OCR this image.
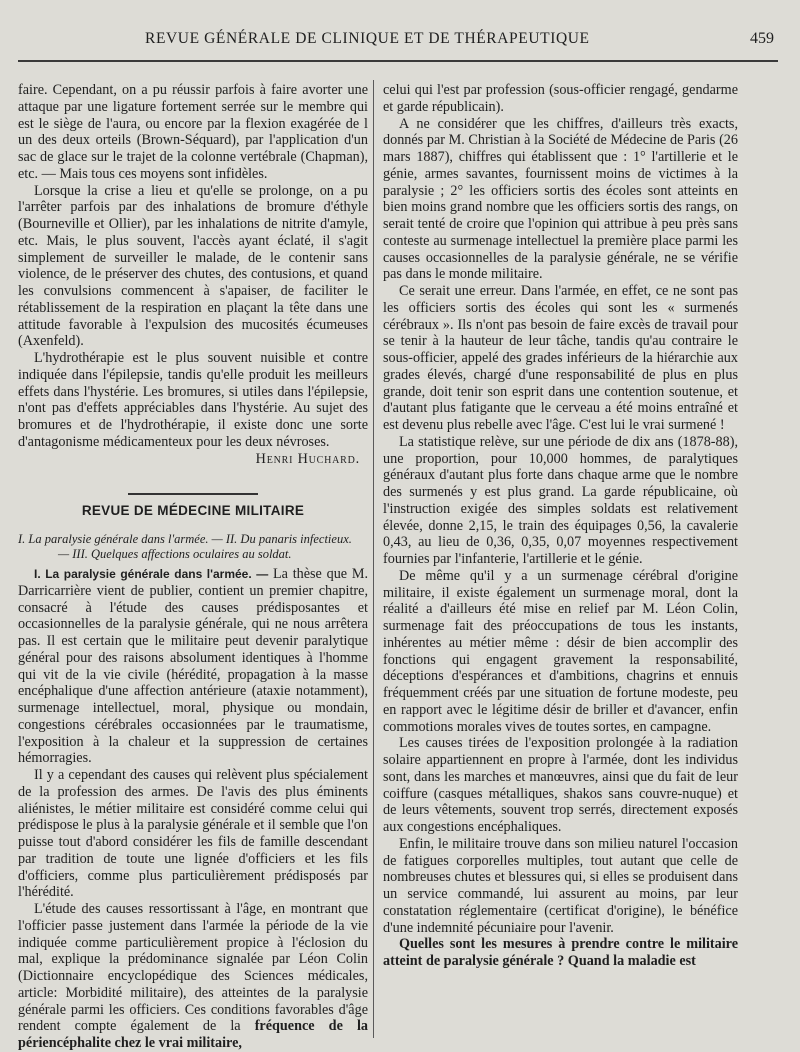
REVUE GÉNÉRALE DE CLINIQUE ET DE THÉRAPEUTIQUE	459

faire. Cependant, on a pu réussir parfois à faire avorter une attaque par une ligature fortement serrée sur le membre qui est le siège de l'aura, ou encore par la flexion exagérée de l un des deux orteils (Brown-Séquard), par l'application d'un sac de glace sur le trajet de la colonne vertébrale (Chapman), etc. — Mais tous ces moyens sont infidèles.

Lorsque la crise a lieu et qu'elle se prolonge, on a pu l'arrêter parfois par des inhalations de bromure d'éthyle (Bourneville et Ollier), par les inhalations de nitrite d'amyle, etc. Mais, le plus souvent, l'accès ayant éclaté, il s'agit simplement de surveiller le malade, de le contenir sans violence, de le préserver des chutes, des contusions, et quand les convulsions commencent à s'apaiser, de faciliter le rétablissement de la respiration en plaçant la tête dans une attitude favorable à l'expulsion des mucosités écumeuses (Axenfeld).

L'hydrothérapie est le plus souvent nuisible et contre indiquée dans l'épilepsie, tandis qu'elle produit les meilleurs effets dans l'hystérie. Les bromures, si utiles dans l'épilepsie, n'ont pas d'effets appréciables dans l'hystérie. Au sujet des bromures et de l'hydrothérapie, il existe donc une sorte d'antagonisme médicamenteux pour les deux névroses.

Henri Huchard.

REVUE DE MÉDECINE MILITAIRE
I. La paralysie générale dans l'armée. — II. Du panaris infectieux.
— III. Quelques affections oculaires au soldat.

I. La paralysie générale dans l'armée. — La thèse que M. Darricarrière vient de publier, contient un premier chapitre, consacré à l'étude des causes prédisposantes et occasionnelles de la paralysie générale, qui ne nous arrêtera pas. Il est certain que le militaire peut devenir paralytique général pour des raisons absolument identiques à l'homme qui vit de la vie civile (hérédité, propagation à la masse encéphalique d'une affection antérieure (ataxie notamment), surmenage intellectuel, moral, physique ou mondain, congestions cérébrales occasionnées par le traumatisme, l'exposition à la chaleur et la suppression de certaines hémorragies.

Il y a cependant des causes qui relèvent plus spécialement de la profession des armes. De l'avis des plus éminents aliénistes, le métier militaire est considéré comme celui qui prédispose le plus à la paralysie générale et il semble que l'on puisse tout d'abord considérer les fils de famille descendant par tradition de toute une lignée d'officiers et les fils d'officiers, comme plus particulièrement prédisposés par l'hérédité.

L'étude des causes ressortissant à l'âge, en montrant que l'officier passe justement dans l'armée la période de la vie indiquée comme particulièrement propice à l'éclosion du mal, explique la prédominance signalée par Léon Colin (Dictionnaire encyclopédique des Sciences médicales, article: Morbidité militaire), des atteintes de la paralysie générale parmi les officiers. Ces conditions favorables d'âge rendent compte également de la fréquence de la périencéphalite chez le vrai militaire,

celui qui l'est par profession (sous-officier rengagé, gendarme et garde républicain).

A ne considérer que les chiffres, d'ailleurs très exacts, donnés par M. Christian à la Société de Médecine de Paris (26 mars 1887), chiffres qui établissent que : 1° l'artillerie et le génie, armes savantes, fournissent moins de victimes à la paralysie ; 2° les officiers sortis des écoles sont atteints en bien moins grand nombre que les officiers sortis des rangs, on serait tenté de croire que l'opinion qui attribue à peu près sans conteste au surmenage intellectuel la première place parmi les causes occasionnelles de la paralysie générale, ne se vérifie pas dans le monde militaire.

Ce serait une erreur. Dans l'armée, en effet, ce ne sont pas les officiers sortis des écoles qui sont les « surmenés cérébraux ». Ils n'ont pas besoin de faire excès de travail pour se tenir à la hauteur de leur tâche, tandis qu'au contraire le sous-officier, appelé des grades inférieurs de la hiérarchie aux grades élevés, chargé d'une responsabilité de plus en plus grande, doit tenir son esprit dans une contention soutenue, et d'autant plus fatigante que le cerveau a été moins entraîné et est devenu plus rebelle avec l'âge. C'est lui le vrai surmené !

La statistique relève, sur une période de dix ans (1878-88), une proportion, pour 10,000 hommes, de paralytiques généraux d'autant plus forte dans chaque arme que le nombre des surmenés y est plus grand. La garde républicaine, où l'instruction exigée des simples soldats est relativement élevée, donne 2,15, le train des équipages 0,56, la cavalerie 0,43, au lieu de 0,36, 0,35, 0,07 moyennes respectivement fournies par l'infanterie, l'artillerie et le génie.

De même qu'il y a un surmenage cérébral d'origine militaire, il existe également un surmenage moral, dont la réalité a d'ailleurs été mise en relief par M. Léon Colin, surmenage fait des préoccupations de tous les instants, inhérentes au métier même : désir de bien accomplir des fonctions qui engagent gravement la responsabilité, déceptions d'espérances et d'ambitions, chagrins et ennuis fréquemment créés par une situation de fortune modeste, peu en rapport avec le légitime désir de briller et d'avancer, enfin commotions morales vives de toutes sortes, en campagne.

Les causes tirées de l'exposition prolongée à la radiation solaire appartiennent en propre à l'armée, dont les individus sont, dans les marches et manœuvres, ainsi que du fait de leur coiffure (casques métalliques, shakos sans couvre-nuque) et de leurs vêtements, souvent trop serrés, directement exposés aux congestions encéphaliques.

Enfin, le militaire trouve dans son milieu naturel l'occasion de fatigues corporelles multiples, tout autant que celle de nombreuses chutes et blessures qui, si elles se produisent dans un service commandé, lui assurent au moins, par leur constatation réglementaire (certificat d'origine), le bénéfice d'une indemnité pécuniaire pour l'avenir.

Quelles sont les mesures à prendre contre le militaire atteint de paralysie générale ? Quand la maladie est
